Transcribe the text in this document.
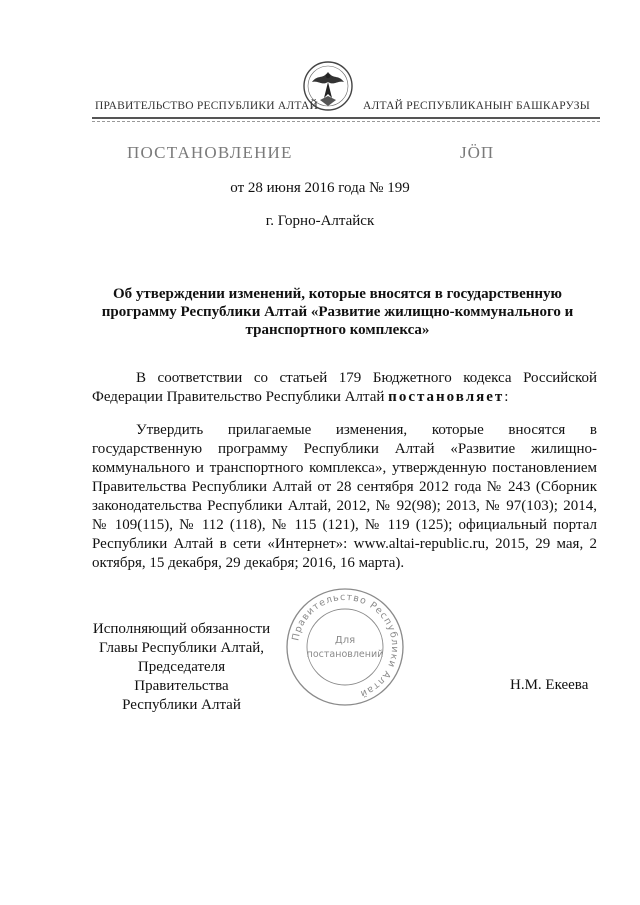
ПРАВИТЕЛЬСТВО РЕСПУБЛИКИ АЛТАЙ	АЛТАЙ РЕСПУБЛИКАНЫҤ БАШКАРУЗЫ
ПОСТАНОВЛЕНИЕ	JӦП
от 28 июня 2016 года № 199
г. Горно-Алтайск
Об утверждении изменений, которые вносятся в государственную программу Республики Алтай «Развитие жилищно-коммунального и транспортного комплекса»
В соответствии со статьей 179 Бюджетного кодекса Российской Федерации Правительство Республики Алтай постановляет:
Утвердить прилагаемые изменения, которые вносятся в государственную программу Республики Алтай «Развитие жилищно-коммунального и транспортного комплекса», утвержденную постановлением Правительства Республики Алтай от 28 сентября 2012 года № 243 (Сборник законодательства Республики Алтай, 2012, № 92(98); 2013, № 97(103); 2014, № 109(115), № 112 (118), № 115 (121), № 119 (125); официальный портал Республики Алтай в сети «Интернет»: www.altai-republic.ru, 2015, 29 мая, 2 октября, 15 декабря, 29 декабря; 2016, 16 марта).
Исполняющий обязанности
Главы Республики Алтай,
Председателя Правительства
Республики Алтай
Правительство Республики Алтай
Для
постановлений
Н.М. Екеева
